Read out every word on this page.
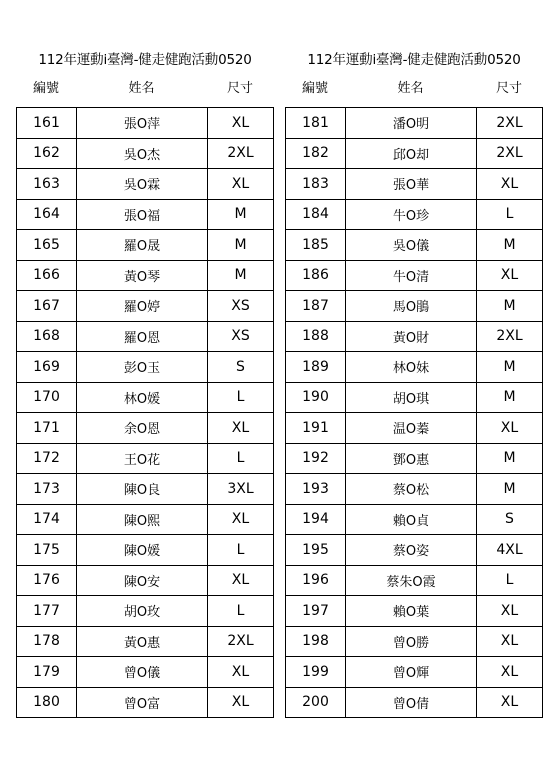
112年運動i臺灣-健走健跑活動0520
編號	姓名	尺寸
161	張O萍	XL
162	吳O杰	2XL
163	吳O霖	XL
164	張O福	M
165	羅O晟	M
166	黃O琴	M
167	羅O婷	XS
168	羅O恩	XS
169	彭O玉	S
170	林O媛	L
171	余O恩	XL
172	王O花	L
173	陳O良	3XL
174	陳O熙	XL
175	陳O媛	L
176	陳O安	XL
177	胡O玫	L
178	黃O惠	2XL
179	曾O儀	XL
180	曾O富	XL
112年運動i臺灣-健走健跑活動0520
編號	姓名	尺寸
181	潘O明	2XL
182	邱O却	2XL
183	張O華	XL
184	牛O珍	L
185	吳O儀	M
186	牛O清	XL
187	馬O鵑	M
188	黃O財	2XL
189	林O妹	M
190	胡O琪	M
191	温O蓁	XL
192	鄧O惠	M
193	蔡O松	M
194	賴O貞	S
195	蔡O姿	4XL
196	蔡朱O霞	L
197	賴O葉	XL
198	曾O勝	XL
199	曾O輝	XL
200	曾O倩	XL
